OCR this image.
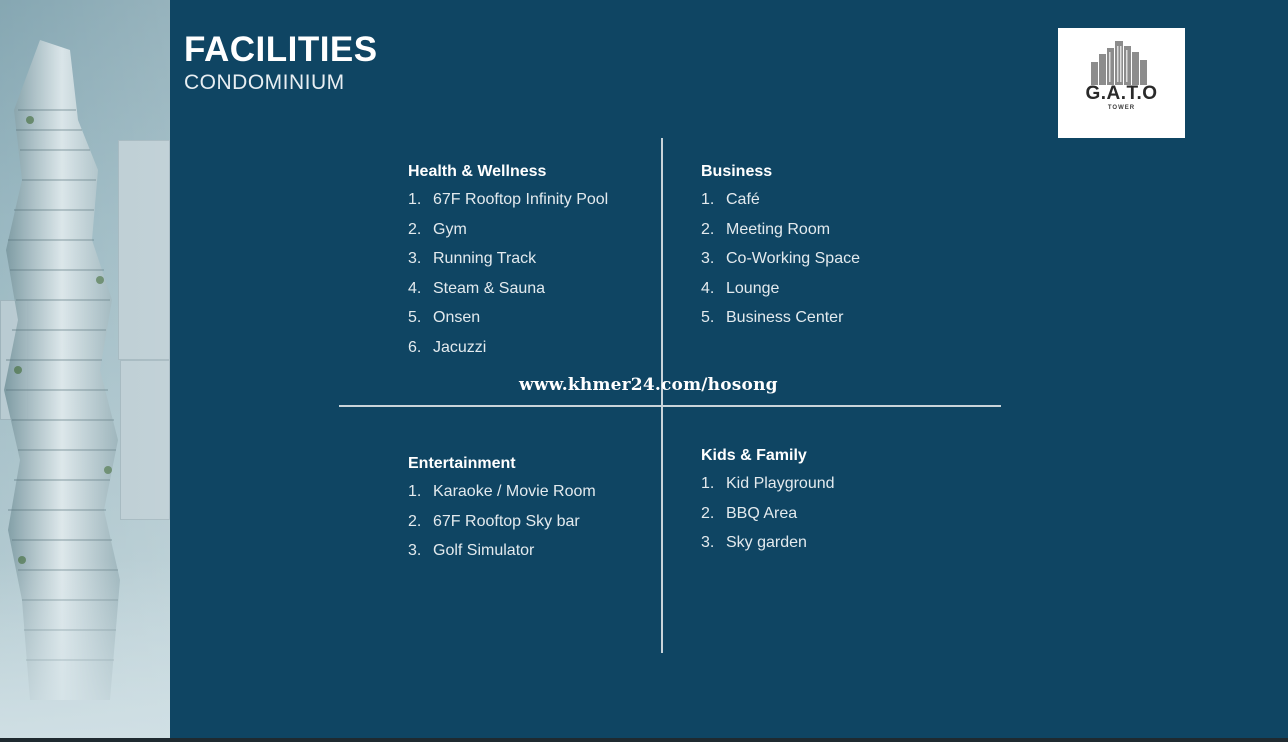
FACILITIES
CONDOMINIUM	G.A.T.O
TOWER
Health & Wellness
1. 67F Rooftop Infinity Pool
2. Gym
3. Running Track
4. Steam & Sauna
5. Onsen
6. Jacuzzi
Business
1. Café
2. Meeting Room
3. Co-Working Space
4. Lounge
5. Business Center
www.khmer24.com/hosong
Entertainment
1. Karaoke / Movie Room
2. 67F Rooftop Sky bar
3. Golf Simulator
Kids & Family
1. Kid Playground
2. BBQ Area
3. Sky garden
